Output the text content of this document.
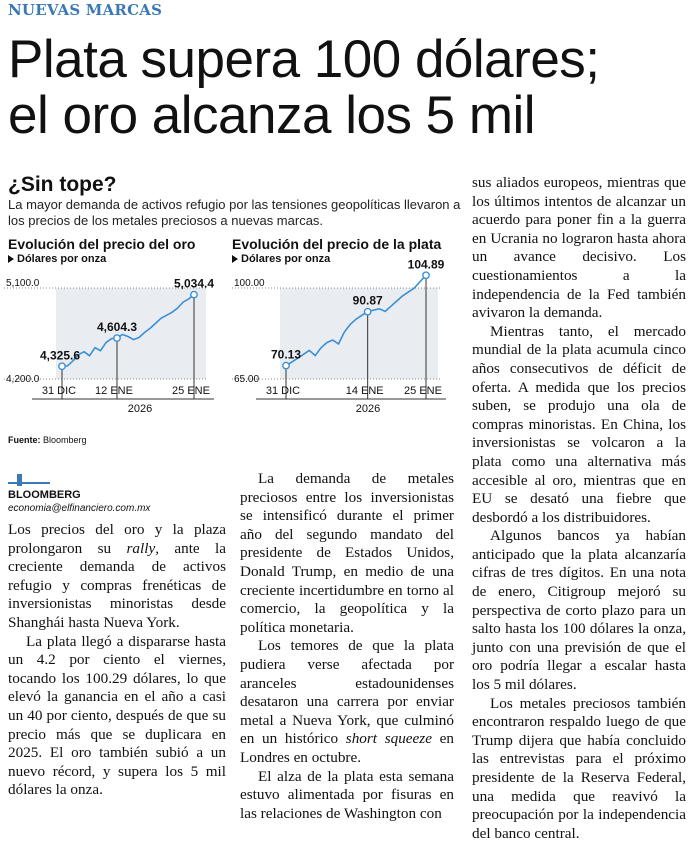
NUEVAS MARCAS
Plata supera 100 dólares;
el oro alcanza los 5 mil
¿Sin tope?
La mayor demanda de activos refugio por las tensiones geopolíticas llevaron a los precios de los metales preciosos a nuevas marcas.
Evolución del precio del oro
Dólares por onza
5,100.0
4,200.0
4,325.6
4,604.3
5,034.4
31 DIC 12 ENE	25 ENE
2026
Evolución del precio de la plata
Dólares por onza
100.00
65.00
70.13
90.87
104.89
31 DIC	14 ENE 25 ENE
2026
Fuente: Bloomberg
BLOOMBERG
economia@elfinanciero.com.mx

Los precios del oro y la plaza prolongaron su rally, ante la creciente demanda de activos refugio y compras frenéticas de inversionistas minoristas desde Shanghái hasta Nueva York.

La plata llegó a dispararse hasta un 4.2 por ciento el viernes, tocando los 100.29 dólares, lo que elevó la ganancia en el año a casi un 40 por ciento, después de que su precio más que se duplicara en 2025. El oro también subió a un nuevo récord, y supera los 5 mil dólares la onza.

La demanda de metales preciosos entre los inversionistas se intensificó durante el primer año del segundo mandato del presidente de Estados Unidos, Donald Trump, en medio de una creciente incertidumbre en torno al comercio, la geopolítica y la política monetaria.

Los temores de que la plata pudiera verse afectada por aranceles estadounidenses desataron una carrera por enviar metal a Nueva York, que culminó en un histórico short squeeze en Londres en octubre.

El alza de la plata esta semana estuvo alimentada por fisuras en las relaciones de Washington con

sus aliados europeos, mientras que los últimos intentos de alcanzar un acuerdo para poner fin a la guerra en Ucrania no lograron hasta ahora un avance decisivo. Los cuestionamientos a la independencia de la Fed también avivaron la demanda.

Mientras tanto, el mercado mundial de la plata acumula cinco años consecutivos de déficit de oferta. A medida que los precios suben, se produjo una ola de compras minoristas. En China, los inversionistas se volcaron a la plata como una alternativa más accesible al oro, mientras que en EU se desató una fiebre que desbordó a los distribuidores.

Algunos bancos ya habían anticipado que la plata alcanzaría cifras de tres dígitos. En una nota de enero, Citigroup mejoró su perspectiva de corto plazo para un salto hasta los 100 dólares la onza, junto con una previsión de que el oro podría llegar a escalar hasta los 5 mil dólares.

Los metales preciosos también encontraron respaldo luego de que Trump dijera que había concluido las entrevistas para el próximo presidente de la Reserva Federal, una medida que reavivó la preocupación por la independencia del banco central.
